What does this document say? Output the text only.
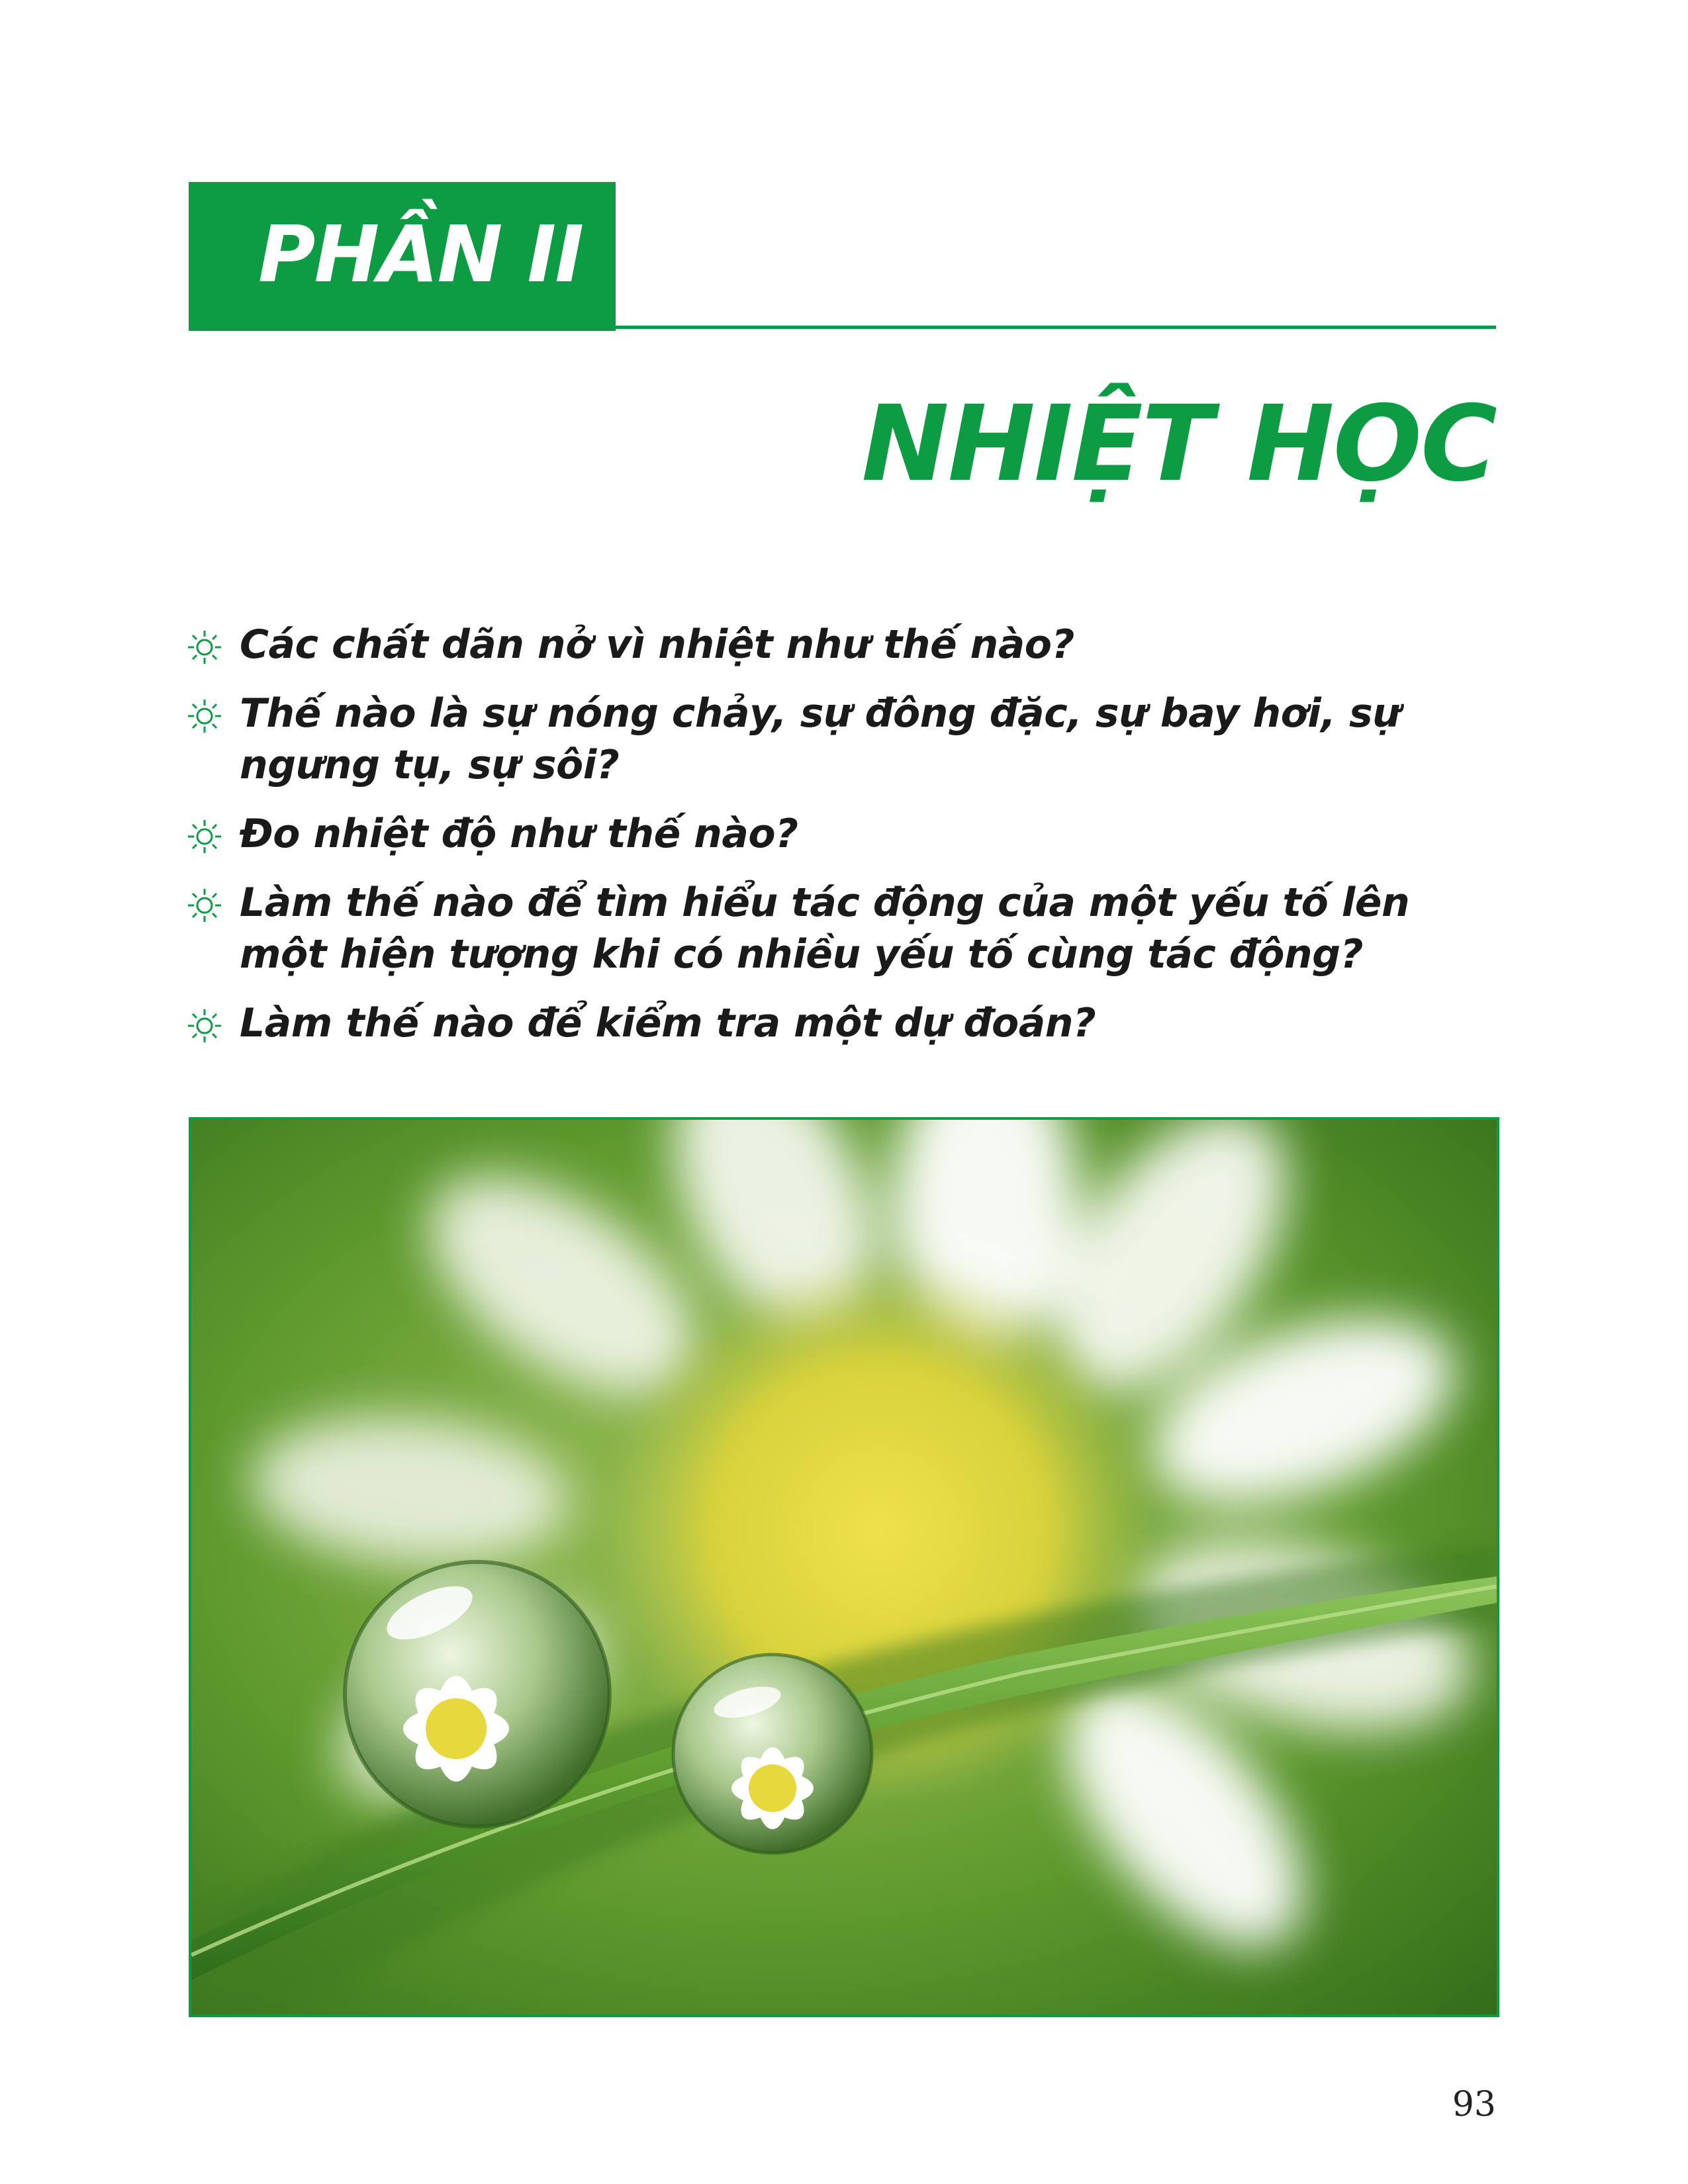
PHẦN II
NHIỆT HỌC
Các chất dãn nở vì nhiệt như thế nào?
Thế nào là sự nóng chảy, sự đông đặc, sự bay hơi, sự ngưng tụ, sự sôi?
Đo nhiệt độ như thế nào?
Làm thế nào để tìm hiểu tác động của một yếu tố lên một hiện tượng khi có nhiều yếu tố cùng tác động?
Làm thế nào để kiểm tra một dự đoán?
93
